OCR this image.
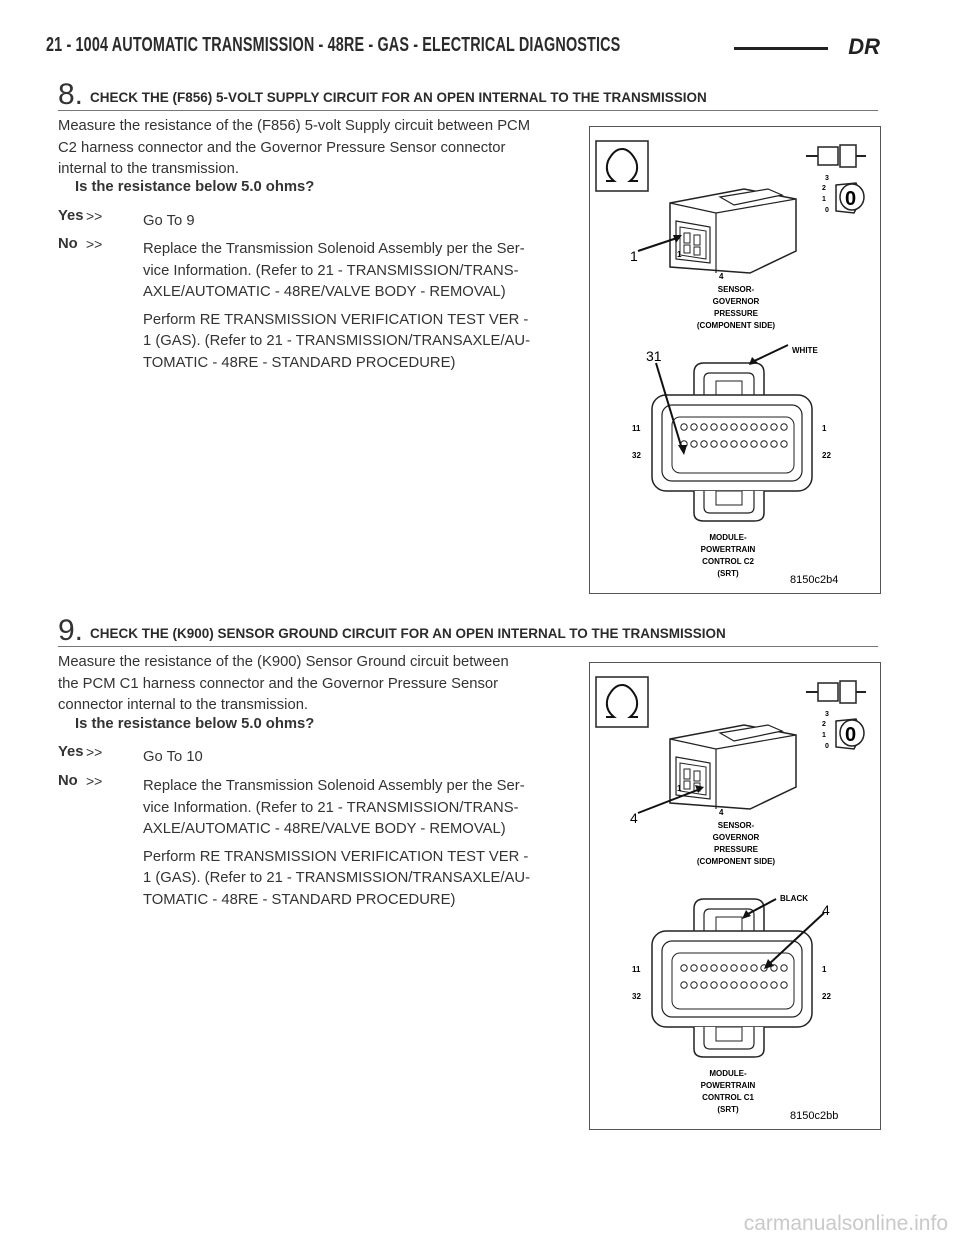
21 - 1004 AUTOMATIC TRANSMISSION - 48RE - GAS - ELECTRICAL DIAGNOSTICS	DR
8. CHECK THE (F856) 5-VOLT SUPPLY CIRCUIT FOR AN OPEN INTERNAL TO THE TRANSMISSION
Measure the resistance of the (F856) 5-volt Supply circuit between PCM
C2 harness connector and the Governor Pressure Sensor connector
internal to the transmission.
Is the resistance below 5.0 ohms?
Yes >>	Go To 9
No >>	Replace the Transmission Solenoid Assembly per the Ser-
vice Information. (Refer to 21 - TRANSMISSION/TRANS-
AXLE/AUTOMATIC - 48RE/VALVE BODY - REMOVAL)
Perform RE TRANSMISSION VERIFICATION TEST VER -
1 (GAS). (Refer to 21 - TRANSMISSION/TRANSAXLE/AU-
TOMATIC - 48RE - STANDARD PROCEDURE)
3
2
1
0
0
1	1
4
SENSOR-
GOVERNOR
PRESSURE
(COMPONENT SIDE)
31	WHITE
11	1
32	22
MODULE-
POWERTRAIN
CONTROL C2
(SRT)
8150c2b4
9. CHECK THE (K900) SENSOR GROUND CIRCUIT FOR AN OPEN INTERNAL TO THE TRANSMISSION
Measure the resistance of the (K900) Sensor Ground circuit between
the PCM C1 harness connector and the Governor Pressure Sensor
connector internal to the transmission.
Is the resistance below 5.0 ohms?
Yes >>	Go To 10
No >>	Replace the Transmission Solenoid Assembly per the Ser-
vice Information. (Refer to 21 - TRANSMISSION/TRANS-
AXLE/AUTOMATIC - 48RE/VALVE BODY - REMOVAL)
Perform RE TRANSMISSION VERIFICATION TEST VER -
1 (GAS). (Refer to 21 - TRANSMISSION/TRANSAXLE/AU-
TOMATIC - 48RE - STANDARD PROCEDURE)
3
2
1
0
0
4
1
4
SENSOR-
GOVERNOR
PRESSURE
(COMPONENT SIDE)
4
BLACK
11	1
32	22
MODULE-
POWERTRAIN
CONTROL C1
(SRT)
8150c2bb
carmanualsonline.info
